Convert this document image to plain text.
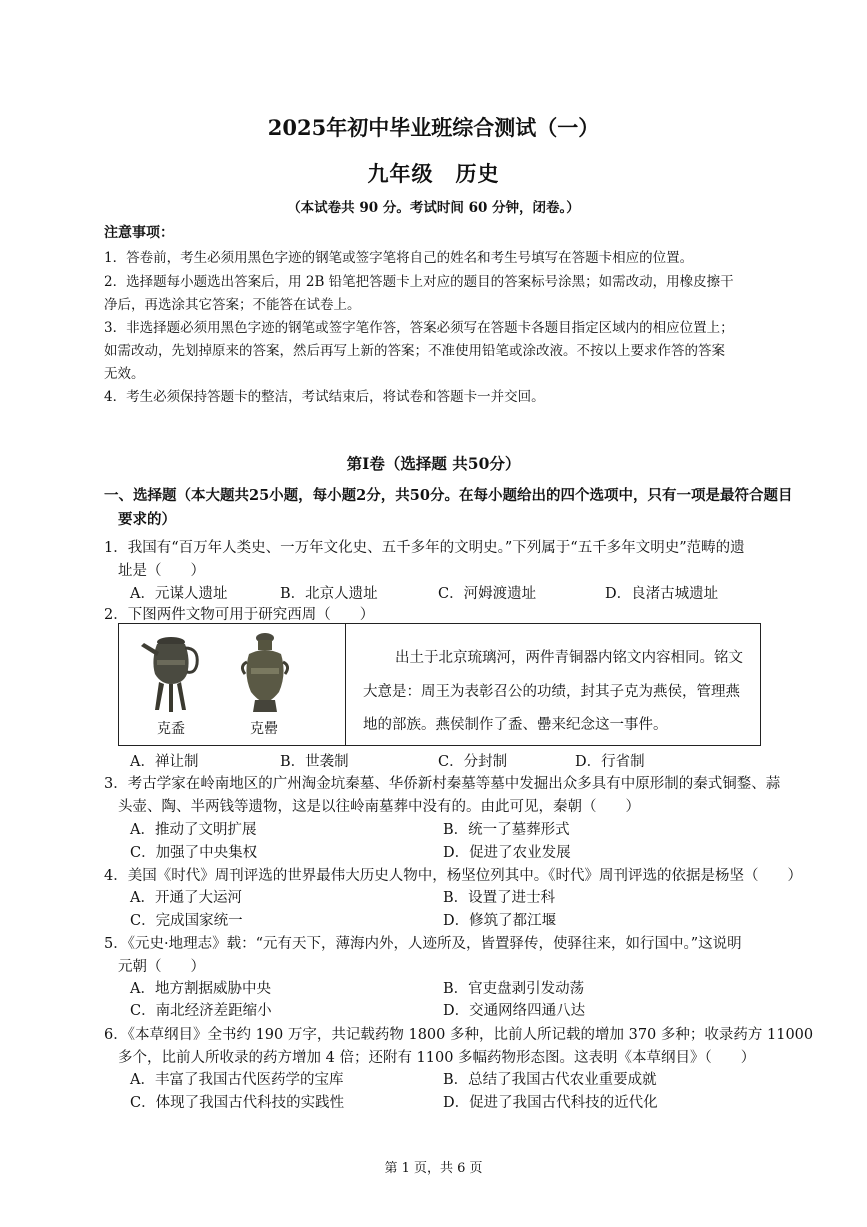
2025年初中毕业班综合测试（一）
九年级　历史
（本试卷共 90 分。考试时间 60 分钟，闭卷。）
注意事项：
1．答卷前，考生必须用黑色字迹的钢笔或签字笔将自己的姓名和考生号填写在答题卡相应的位置。
2．选择题每小题选出答案后，用 2B 铅笔把答题卡上对应的题目的答案标号涂黑；如需改动，用橡皮擦干
净后，再选涂其它答案；不能答在试卷上。
3．非选择题必须用黑色字迹的钢笔或签字笔作答，答案必须写在答题卡各题目指定区域内的相应位置上；
如需改动，先划掉原来的答案，然后再写上新的答案；不准使用铅笔或涂改液。不按以上要求作答的答案
无效。
4．考生必须保持答题卡的整洁，考试结束后，将试卷和答题卡一并交回。
第Ⅰ卷（选择题 共50分）
一、选择题（本大题共25小题，每小题2分，共50分。在每小题给出的四个选项中，只有一项是最符合题目
要求的）
1．我国有“百万年人类史、一万年文化史、五千多年的文明史。”下列属于“五千多年文明史”范畴的遗
址是（　　）
A．元谋人遗址	B．北京人遗址	C．河姆渡遗址	D．良渚古城遗址
2．下图两件文物可用于研究西周（　　）
克盉	克罍
出土于北京琉璃河，两件青铜器内铭文内容相同。铭文
大意是：周王为表彰召公的功绩，封其子克为燕侯，管理燕
地的部族。燕侯制作了盉、罍来纪念这一事件。
A．禅让制	B．世袭制	C．分封制	D．行省制
3．考古学家在岭南地区的广州淘金坑秦墓、华侨新村秦墓等墓中发掘出众多具有中原形制的秦式铜鍪、蒜
头壶、陶、半两钱等遗物，这是以往岭南墓葬中没有的。由此可见，秦朝（　　）
A．推动了文明扩展	B．统一了墓葬形式
C．加强了中央集权	D．促进了农业发展
4．美国《时代》周刊评选的世界最伟大历史人物中，杨坚位列其中。《时代》周刊评选的依据是杨坚（　　）
A．开通了大运河	B．设置了进士科
C．完成国家统一	D．修筑了都江堰
5．《元史·地理志》载：“元有天下，薄海内外，人迹所及，皆置驿传，使驿往来，如行国中。”这说明
元朝（　　）
A．地方割据威胁中央	B．官吏盘剥引发动荡
C．南北经济差距缩小	D．交通网络四通八达
6．《本草纲目》全书约 190 万字，共记载药物 1800 多种，比前人所记载的增加 370 多种；收录药方 11000
多个，比前人所收录的药方增加 4 倍；还附有 1100 多幅药物形态图。这表明《本草纲目》（　　）
A．丰富了我国古代医药学的宝库	B．总结了我国古代农业重要成就
C．体现了我国古代科技的实践性	D．促进了我国古代科技的近代化
第 1 页，共 6 页
